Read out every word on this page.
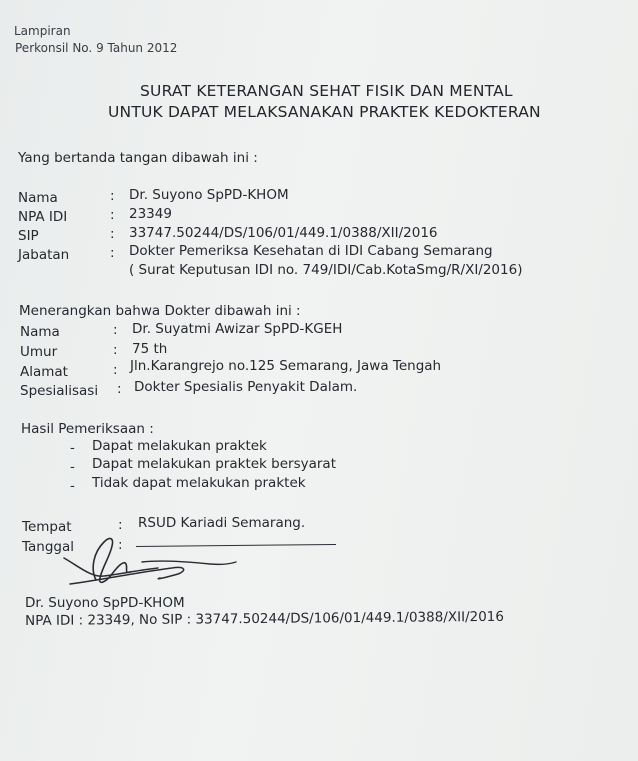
Lampiran
Perkonsil No. 9 Tahun 2012
SURAT KETERANGAN SEHAT FISIK DAN MENTAL
UNTUK DAPAT MELAKSANAKAN PRAKTEK KEDOKTERAN
Yang bertanda tangan dibawah ini :
Nama	: Dr. Suyono SpPD-KHOM
NPA IDI	: 23349
SIP	: 33747.50244/DS/106/01/449.1/0388/XII/2016
Jabatan	: Dokter Pemeriksa Kesehatan di IDI Cabang Semarang
( Surat Keputusan IDI no. 749/IDI/Cab.KotaSmg/R/XI/2016)
Menerangkan bahwa Dokter dibawah ini :
Nama	: Dr. Suyatmi Awizar SpPD-KGEH
Umur	: 75 th
Alamat	: Jln.Karangrejo no.125 Semarang, Jawa Tengah
Spesialisasi : Dokter Spesialis Penyakit Dalam.
Hasil Pemeriksaan :
- Dapat melakukan praktek
- Dapat melakukan praktek bersyarat
- Tidak dapat melakukan praktek
Tempat	: RSUD Kariadi Semarang.
Tanggal	:
Dr. Suyono SpPD-KHOM
NPA IDI : 23349, No SIP : 33747.50244/DS/106/01/449.1/0388/XII/2016
